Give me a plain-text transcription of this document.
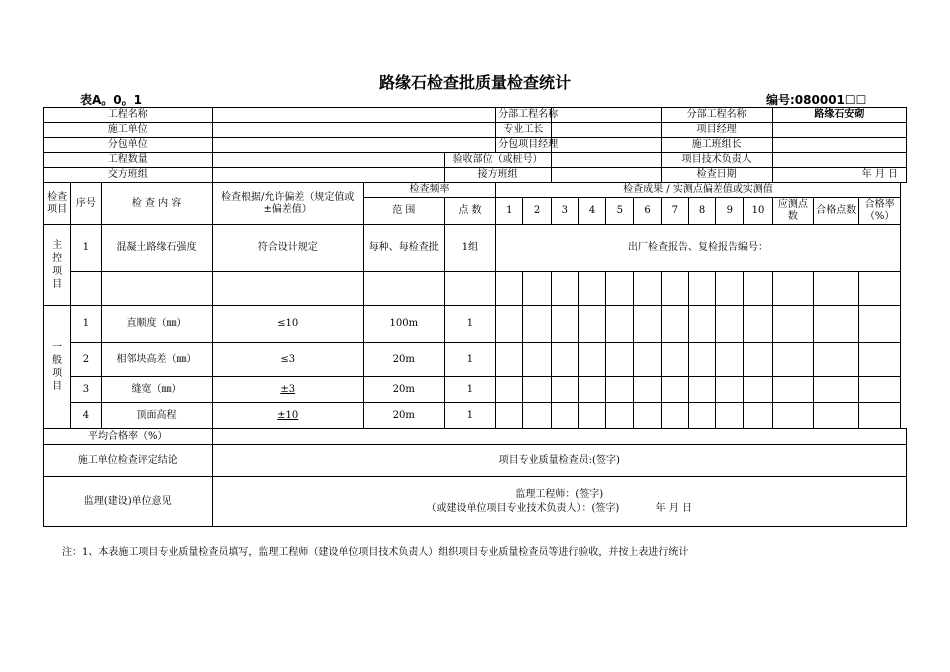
路缘石检查批质量检查统计
表A。0。1	编号:080001☐☐
工程名称						分部工程名称						分部工程名称				路缘石安砌			
施工单位						专业工长						项目经理							
分包单位						分包项目经理						施工班组长							
工程数量					验收部位（或桩号）							项目技术负责人							
交方班组					接方班组							检查日期				年 月 日			
检查项目	序号	检 查 内 容	检查根据/允许偏差（规定值或±偏差值）	检查频率		检查成果 / 实测点偏差值或实测值													
				范 围	点 数	1	2	3	4	5	6	7	8	9	10	应测点数	合格点数	合格率（%）	
主控项目	1	混凝土路缘石强度	符合设计规定	每种、每检查批	1组	出厂检查报告、复检报告编号：													

一般项目	1	直顺度（㎜）	≤10	100m	1														
	2	相邻块高差（㎜）	≤3	20m	1														
	3	缝宽（㎜）	±3	20m	1														
	4	顶面高程	±10	20m	1														
平均合格率（%）																			
施工单位检查评定结论			项目专业质量检查员:(签字)																
监理(建设)单位意见			监理工程师：(签字)
（或建设单位项目专业技术负责人）：(签字) 年 月 日																
注：1、本表施工项目专业质量检查员填写，监理工程师（建设单位项目技术负责人）组织项目专业质量检查员等进行验收，并按上表进行统计
